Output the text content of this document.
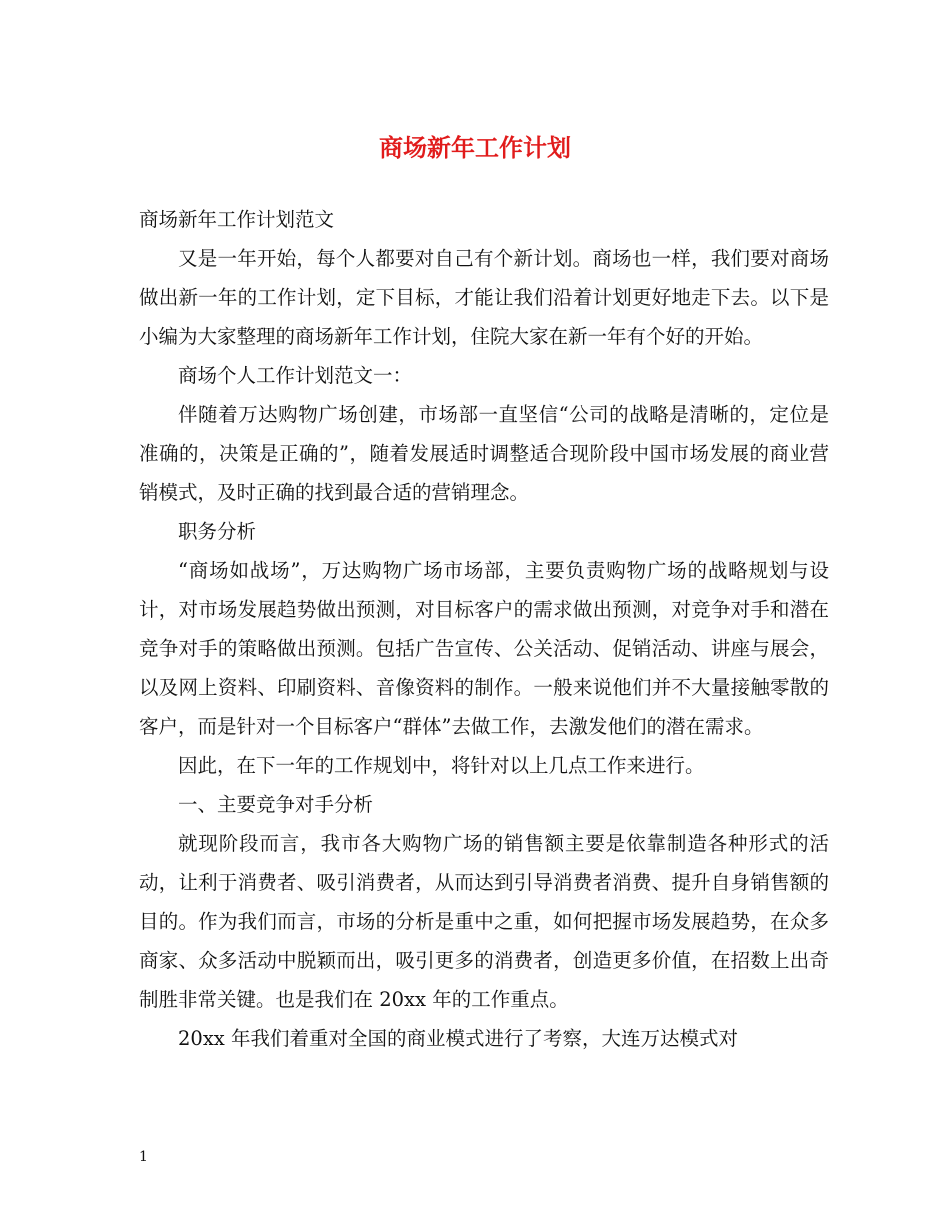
商场新年工作计划

商场新年工作计划范文

又是一年开始，每个人都要对自己有个新计划。商场也一样，我们要对商场做出新一年的工作计划，定下目标，才能让我们沿着计划更好地走下去。以下是小编为大家整理的商场新年工作计划，住院大家在新一年有个好的开始。

商场个人工作计划范文一：

伴随着万达购物广场创建，市场部一直坚信“公司的战略是清晰的，定位是准确的，决策是正确的”，随着发展适时调整适合现阶段中国市场发展的商业营销模式，及时正确的找到最合适的营销理念。

职务分析

“商场如战场”，万达购物广场市场部，主要负责购物广场的战略规划与设计，对市场发展趋势做出预测，对目标客户的需求做出预测，对竞争对手和潜在竞争对手的策略做出预测。包括广告宣传、公关活动、促销活动、讲座与展会，以及网上资料、印刷资料、音像资料的制作。一般来说他们并不大量接触零散的客户，而是针对一个目标客户“群体”去做工作，去激发他们的潜在需求。

因此，在下一年的工作规划中，将针对以上几点工作来进行。

一、主要竞争对手分析

就现阶段而言，我市各大购物广场的销售额主要是依靠制造各种形式的活动，让利于消费者、吸引消费者，从而达到引导消费者消费、提升自身销售额的目的。作为我们而言，市场的分析是重中之重，如何把握市场发展趋势，在众多商家、众多活动中脱颖而出，吸引更多的消费者，创造更多价值，在招数上出奇制胜非常关键。也是我们在 20xx 年的工作重点。

20xx 年我们着重对全国的商业模式进行了考察，大连万达模式对

1
